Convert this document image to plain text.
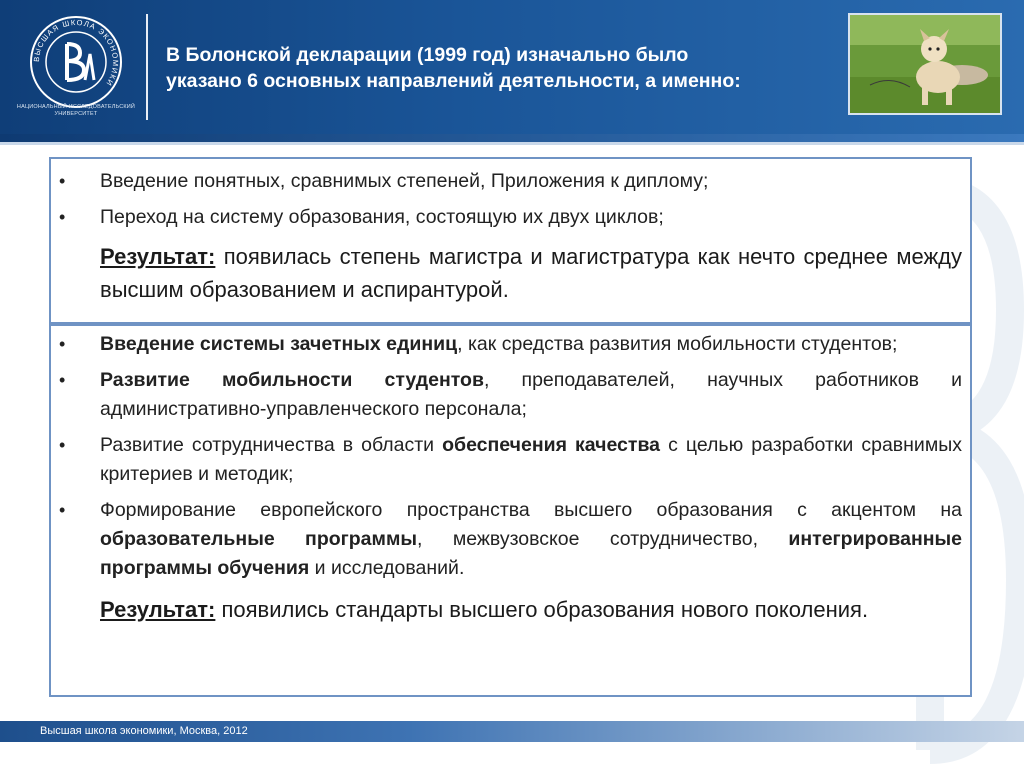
ВЫСШАЯ ШКОЛА ЭКОНОМИКИ
НАЦИОНАЛЬНЫЙ ИССЛЕДОВАТЕЛЬСКИЙ УНИВЕРСИТЕТ
В Болонской декларации (1999 год) изначально было
указано 6 основных направлений деятельности, а именно:
• Введение понятных, сравнимых степеней, Приложения к диплому;
• Переход на систему образования, состоящую их двух циклов;
Результат: появилась степень магистра и магистратура как нечто среднее между высшим образованием и аспирантурой.
• Введение системы зачетных единиц, как средства развития мобильности студентов;
• Развитие мобильности студентов, преподавателей, научных работников и административно-управленческого персонала;
• Развитие сотрудничества в области обеспечения качества с целью разработки сравнимых критериев и методик;
• Формирование европейского пространства высшего образования с акцентом на образовательные программы, межвузовское сотрудничество, интегрированные программы обучения и исследований.
Результат: появились стандарты высшего образования нового поколения.
Высшая школа экономики, Москва, 2012
